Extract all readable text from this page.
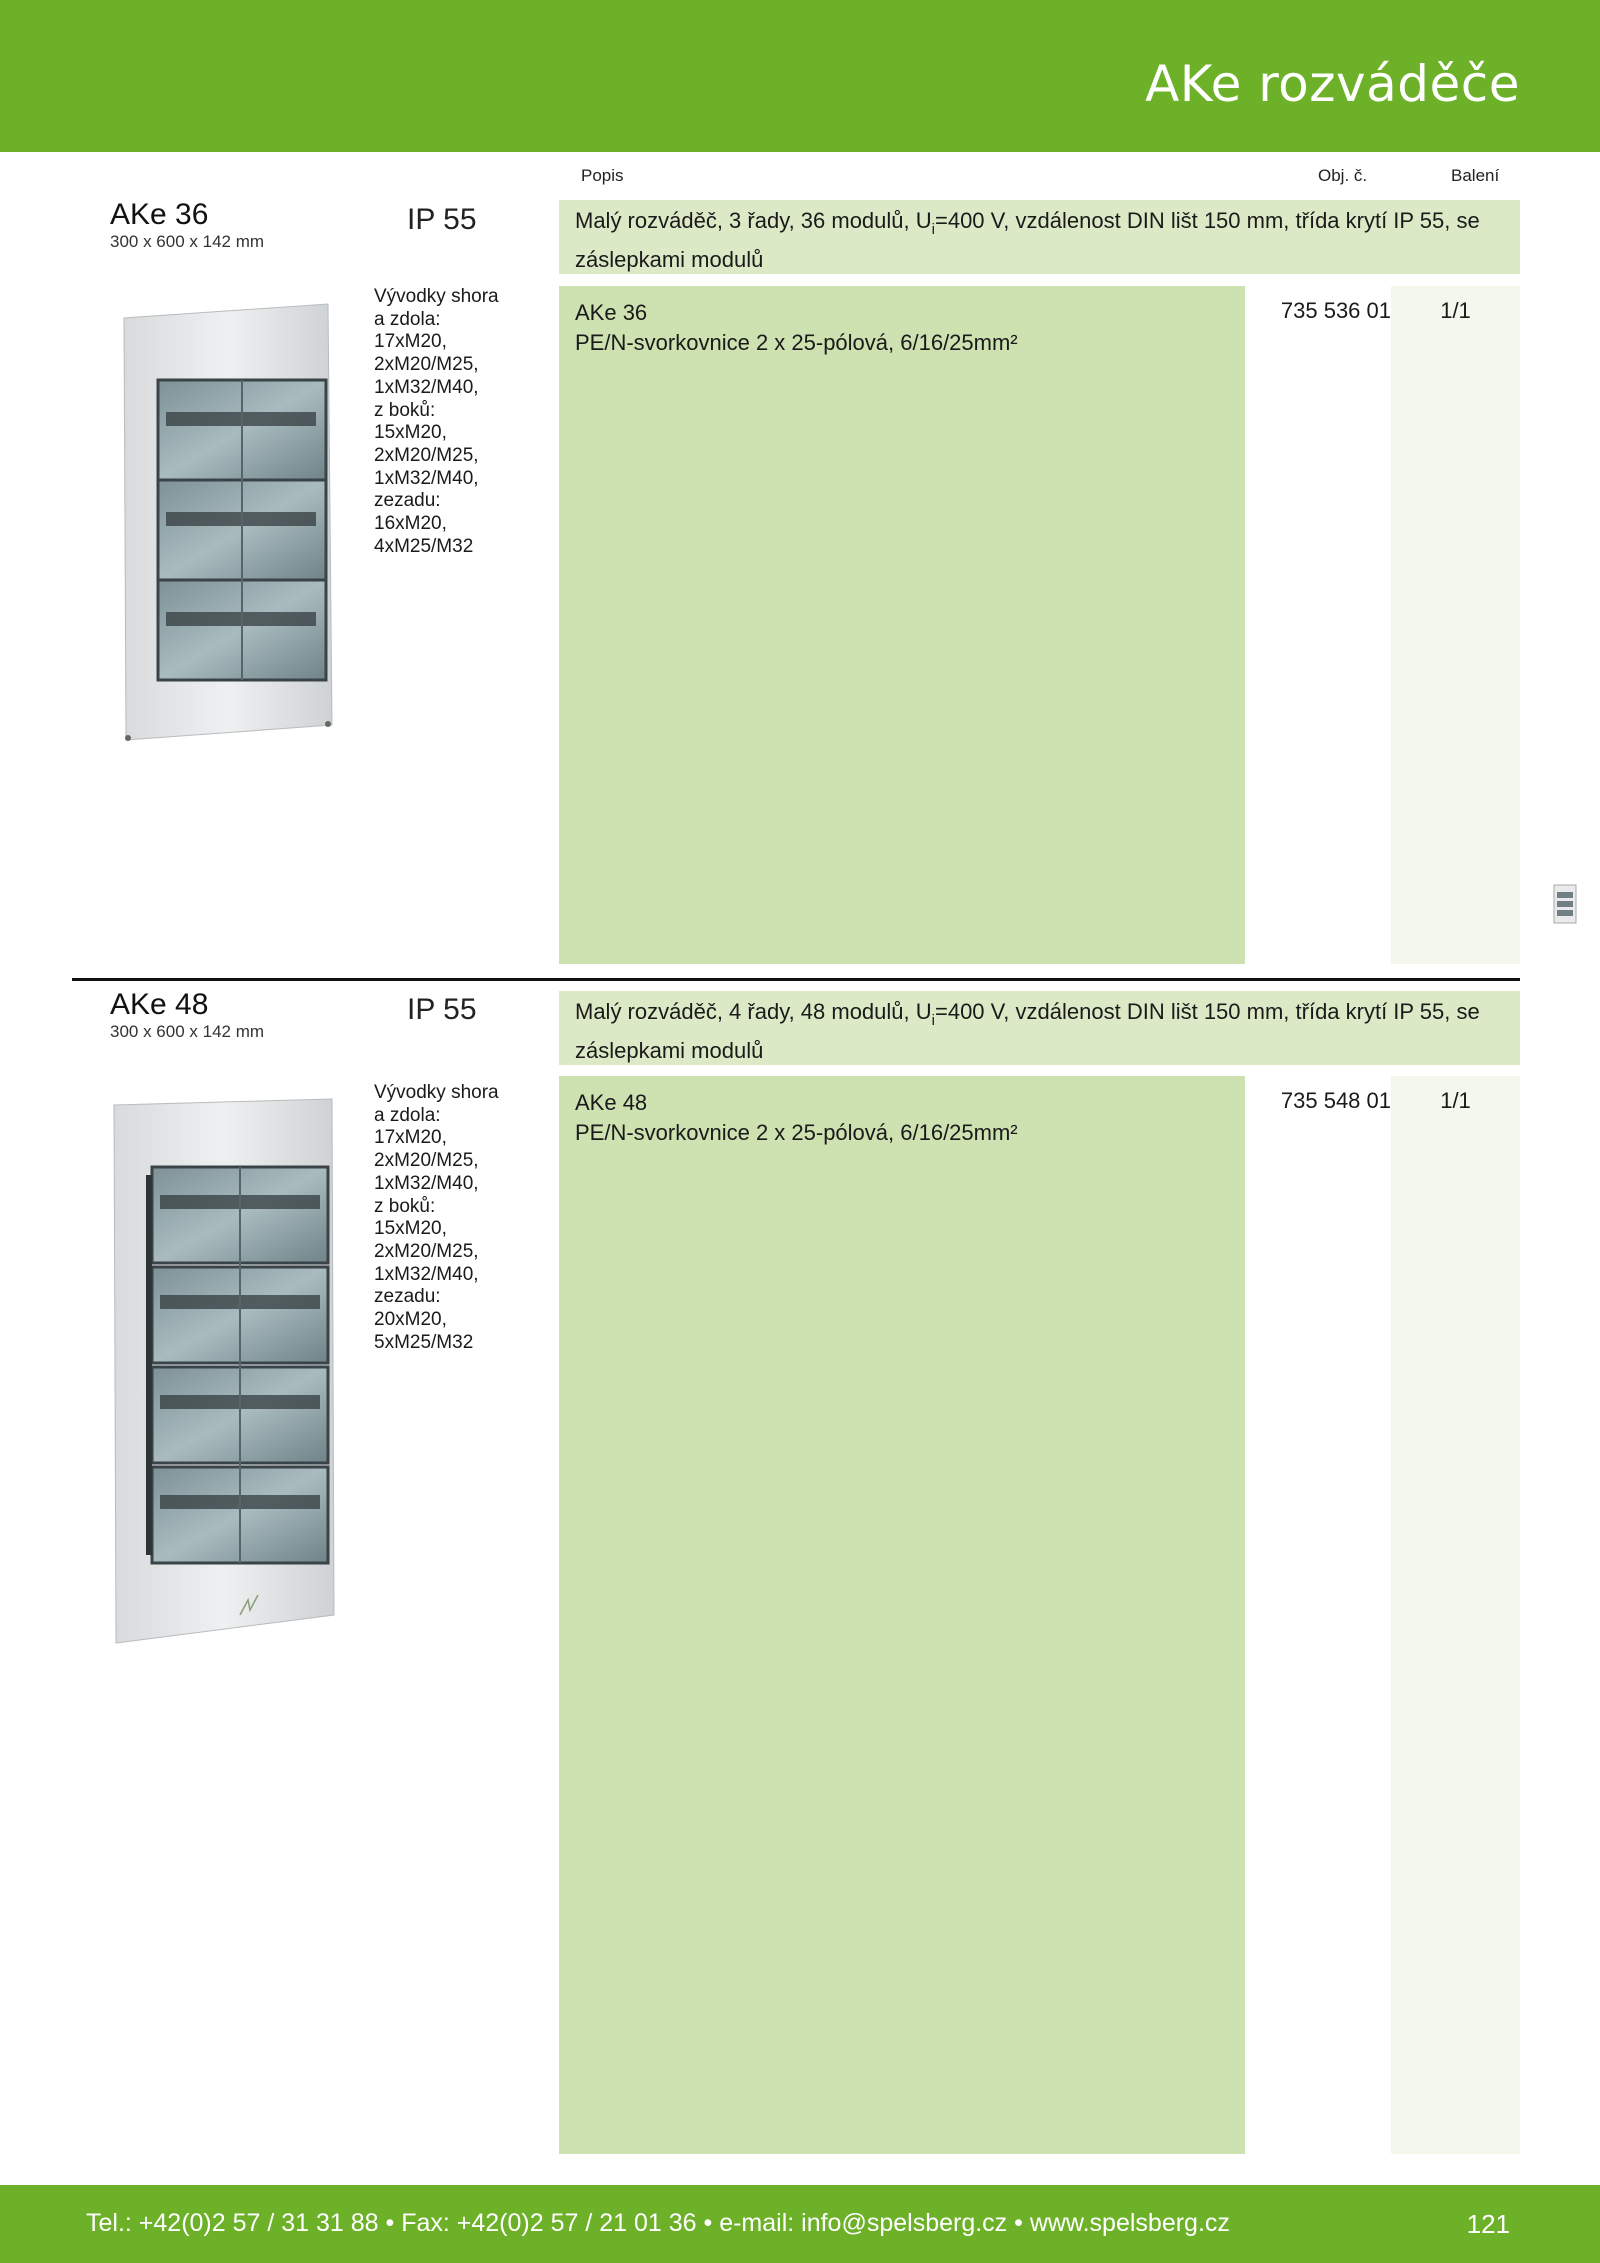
AKe rozváděče
Popis	Obj. č.	Balení
AKe 36
300 x 600 x 142 mm
IP 55	Malý rozváděč, 3 řady, 36 modulů, $U_i=400$ V, vzdálenost DIN lišt 150 mm, třída krytí IP 55, se záslepkami modulů
Vývodky shora
a zdola:
17xM20,
2xM20/M25,
1xM32/M40,
z boků:
15xM20,
2xM20/M25,
1xM32/M40,
zezadu:
16xM20,
4xM25/M32
AKe 36
PE/N-svorkovnice 2 x 25-pólová, 6/16/25mm²
735 536 01	1/1
AKe 48
300 x 600 x 142 mm
IP 55	Malý rozváděč, 4 řady, 48 modulů, $U_i=400$ V, vzdálenost DIN lišt 150 mm, třída krytí IP 55, se záslepkami modulů
Vývodky shora
a zdola:
17xM20,
2xM20/M25,
1xM32/M40,
z boků:
15xM20,
2xM20/M25,
1xM32/M40,
zezadu:
20xM20,
5xM25/M32
AKe 48
PE/N-svorkovnice 2 x 25-pólová, 6/16/25mm²
735 548 01	1/1
Tel.: +42(0)2 57 / 31 31 88 • Fax: +42(0)2 57 / 21 01 36 • e-mail: info@spelsberg.cz • www.spelsberg.cz	121
